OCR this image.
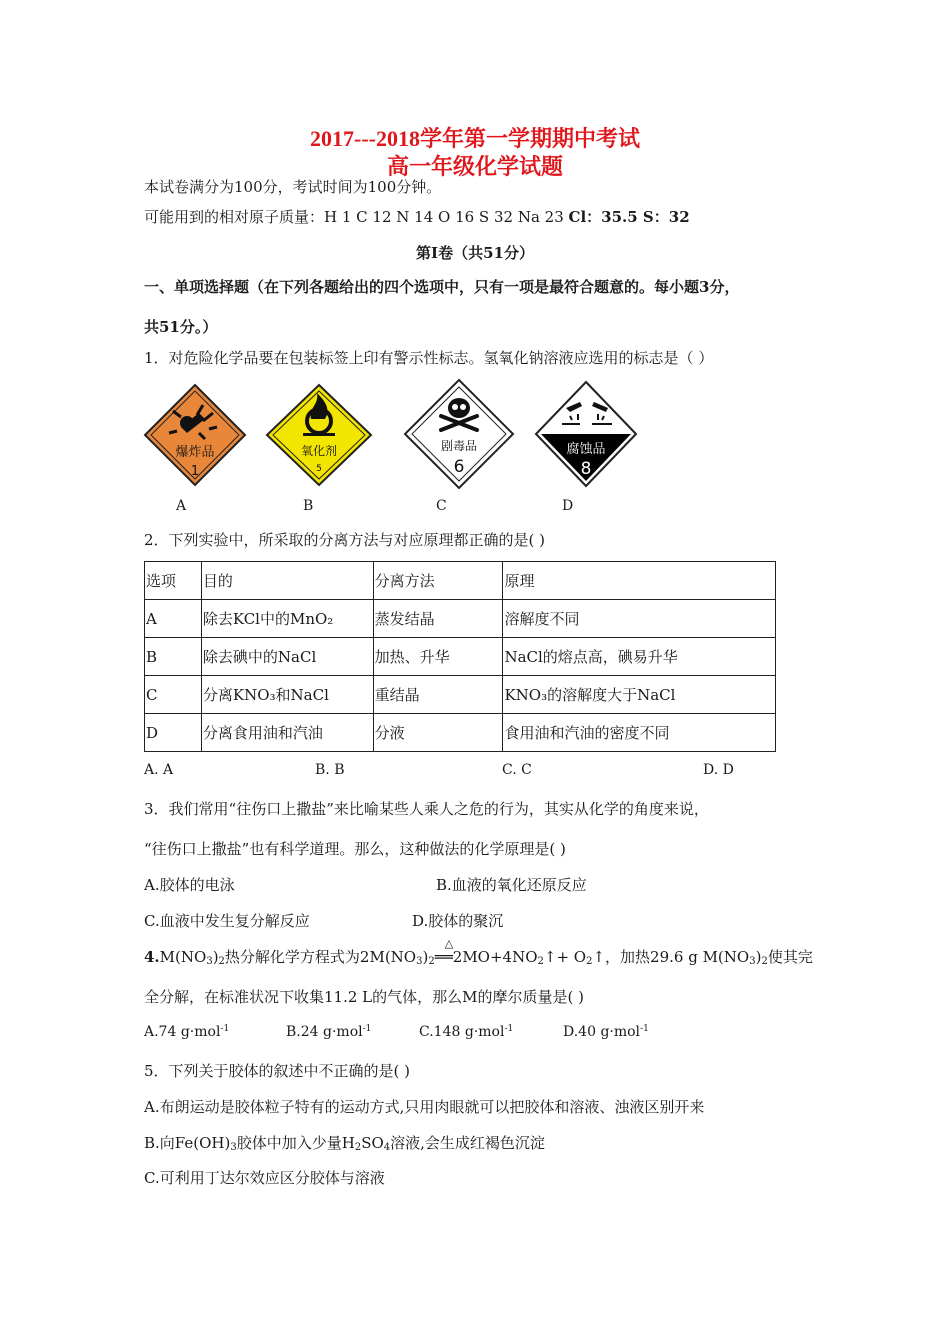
2017---2018学年第一学期期中考试
高一年级化学试题
本试卷满分为100分，考试时间为100分钟。
可能用到的相对原子质量：H 1 C 12 N 14 O 16 S 32 Na 23 Cl：35.5 S：32
第Ⅰ卷（共51分）
一、单项选择题（在下列各题给出的四个选项中，只有一项是最符合题意的。每小题3分，
共51分。）
1．对危险化学品要在包装标签上印有警示性标志。氢氧化钠溶液应选用的标志是（ ）
爆炸品
1
氧化剂
5
剧毒品
6
腐蚀品
8
A	B	C	D
2．下列实验中，所采取的分离方法与对应原理都正确的是( )
选项	目的	分离方法	原理
A	除去KCl中的MnO₂	蒸发结晶	溶解度不同
B	除去碘中的NaCl	加热、升华	NaCl的熔点高，碘易升华
C	分离KNO₃和NaCl	重结晶	KNO₃的溶解度大于NaCl
D	分离食用油和汽油	分液	食用油和汽油的密度不同
A. A	B. B	C. C	D. D
3．我们常用“往伤口上撒盐”来比喻某些人乘人之危的行为，其实从化学的角度来说，
“往伤口上撒盐”也有科学道理。那么，这种做法的化学原理是( )
A.胶体的电泳	B.血液的氧化还原反应
C.血液中发生复分解反应	D.胶体的聚沉
$4.M(NO_3)_2$热分解化学方程式为$2M(NO_3)_2$
△
$══2MO+4NO_2↑+$ $O_2↑$，加热29.6 g $M(NO_3)_2$使其完
全分解，在标准状况下收集11.2 L的气体，那么M的摩尔质量是( )
A.74 g·mol$^{-1}$	B.24 g·mol$^{-1}$	C.148 g·mol$^{-1}$	D.40 g·mol$^{-1}$
5．下列关于胶体的叙述中不正确的是( )
A.布朗运动是胶体粒子特有的运动方式,只用肉眼就可以把胶体和溶液、浊液区别开来
B.向$Fe(OH)_3$胶体中加入少量$H_2SO_4$溶液,会生成红褐色沉淀
C.可利用丁达尔效应区分胶体与溶液
